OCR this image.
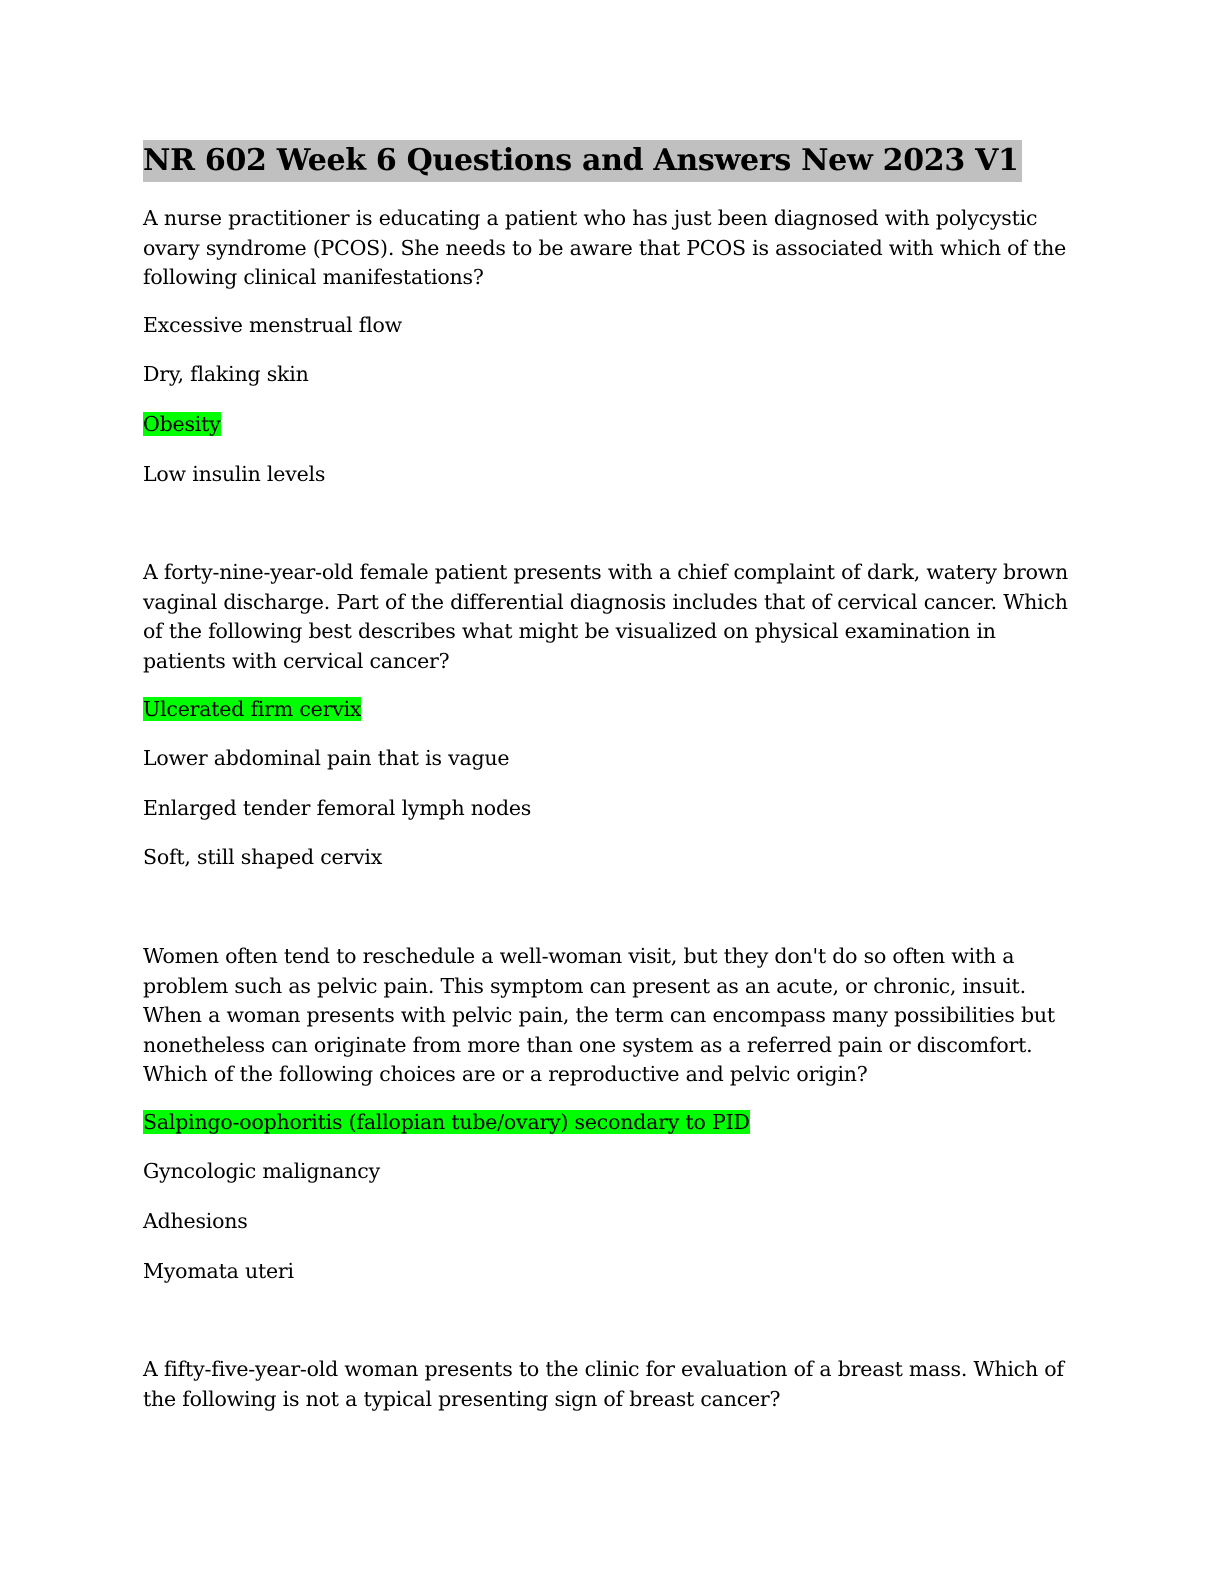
NR 602 Week 6 Questions and Answers New 2023 V1

A nurse practitioner is educating a patient who has just been diagnosed with polycystic ovary syndrome (PCOS). She needs to be aware that PCOS is associated with which of the following clinical manifestations?

Excessive menstrual flow

Dry, flaking skin

Obesity

Low insulin levels

A forty-nine-year-old female patient presents with a chief complaint of dark, watery brown vaginal discharge. Part of the differential diagnosis includes that of cervical cancer. Which of the following best describes what might be visualized on physical examination in patients with cervical cancer?

Ulcerated firm cervix

Lower abdominal pain that is vague

Enlarged tender femoral lymph nodes

Soft, still shaped cervix

Women often tend to reschedule a well-woman visit, but they don't do so often with a problem such as pelvic pain. This symptom can present as an acute, or chronic, insuit. When a woman presents with pelvic pain, the term can encompass many possibilities but nonetheless can originate from more than one system as a referred pain or discomfort. Which of the following choices are or a reproductive and pelvic origin?

Salpingo-oophoritis (fallopian tube/ovary) secondary to PID

Gyncologic malignancy

Adhesions

Myomata uteri

A fifty-five-year-old woman presents to the clinic for evaluation of a breast mass. Which of the following is not a typical presenting sign of breast cancer?
